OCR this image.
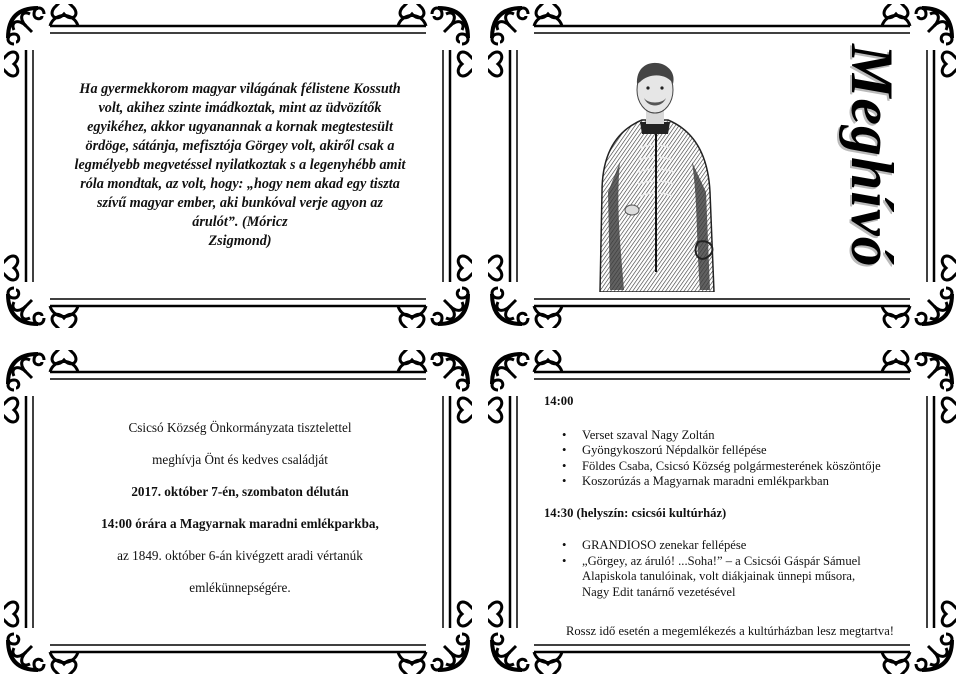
Ha gyermekkorom magyar világának félistene Kossuth

volt, akihez szinte imádkoztak, mint az üdvözítők

egyikéhez, akkor ugyanannak a kornak megtestesült

ördöge, sátánja, mefisztója Görgey volt, akiről csak a

legmélyebb megvetéssel nyilatkoztak s a legenyhébb amit

róla mondtak, az volt, hogy: „hogy nem akad egy tiszta

szívű magyar ember, aki bunkóval verje agyon az

árulót”. (Móricz

Zsigmond)	Meghívó

Csicsó Község Önkormányzata tisztelettel

meghívja Önt és kedves családját

2017. október 7-én, szombaton délután

14:00 órára a Magyarnak maradni emlékparkba,

az 1849. október 6-án kivégzett aradi vértanúk

emlékünnepségére.

14:00

• Verset szaval Nagy Zoltán
• Gyöngykoszorú Népdalkör fellépése
• Földes Csaba, Csicsó Község polgármesterének köszöntője
• Koszorúzás a Magyarnak maradni emlékparkban

14:30 (helyszín: csicsói kultúrház)

• GRANDIOSO zenekar fellépése
• „Görgey, az áruló! ...Soha!” – a Csicsói Gáspár Sámuel Alapiskola tanulóinak, volt diákjainak ünnepi műsora, Nagy Edit tanárnő vezetésével

Rossz idő esetén a megemlékezés a kultúrházban lesz megtartva!
